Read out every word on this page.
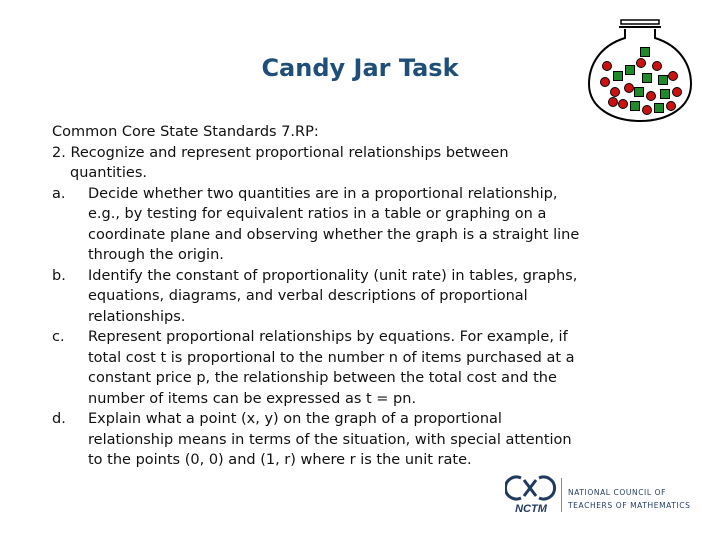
Candy Jar Task

Common Core State Standards 7.RP:

2. Recognize and represent proportional relationships between

quantities.

a.	Decide whether two quantities are in a proportional relationship,
e.g., by testing for equivalent ratios in a table or graphing on a
coordinate plane and observing whether the graph is a straight line
through the origin.
b.	Identify the constant of proportionality (unit rate) in tables, graphs,
equations, diagrams, and verbal descriptions of proportional
relationships.
c.	Represent proportional relationships by equations. For example, if
total cost t is proportional to the number n of items purchased at a
constant price p, the relationship between the total cost and the
number of items can be expressed as t = pn.
d.	Explain what a point (x, y) on the graph of a proportional
relationship means in terms of the situation, with special attention
to the points (0, 0) and (1, r) where r is the unit rate.
NCTM
NATIONAL COUNCIL OF
TEACHERS OF MATHEMATICS
